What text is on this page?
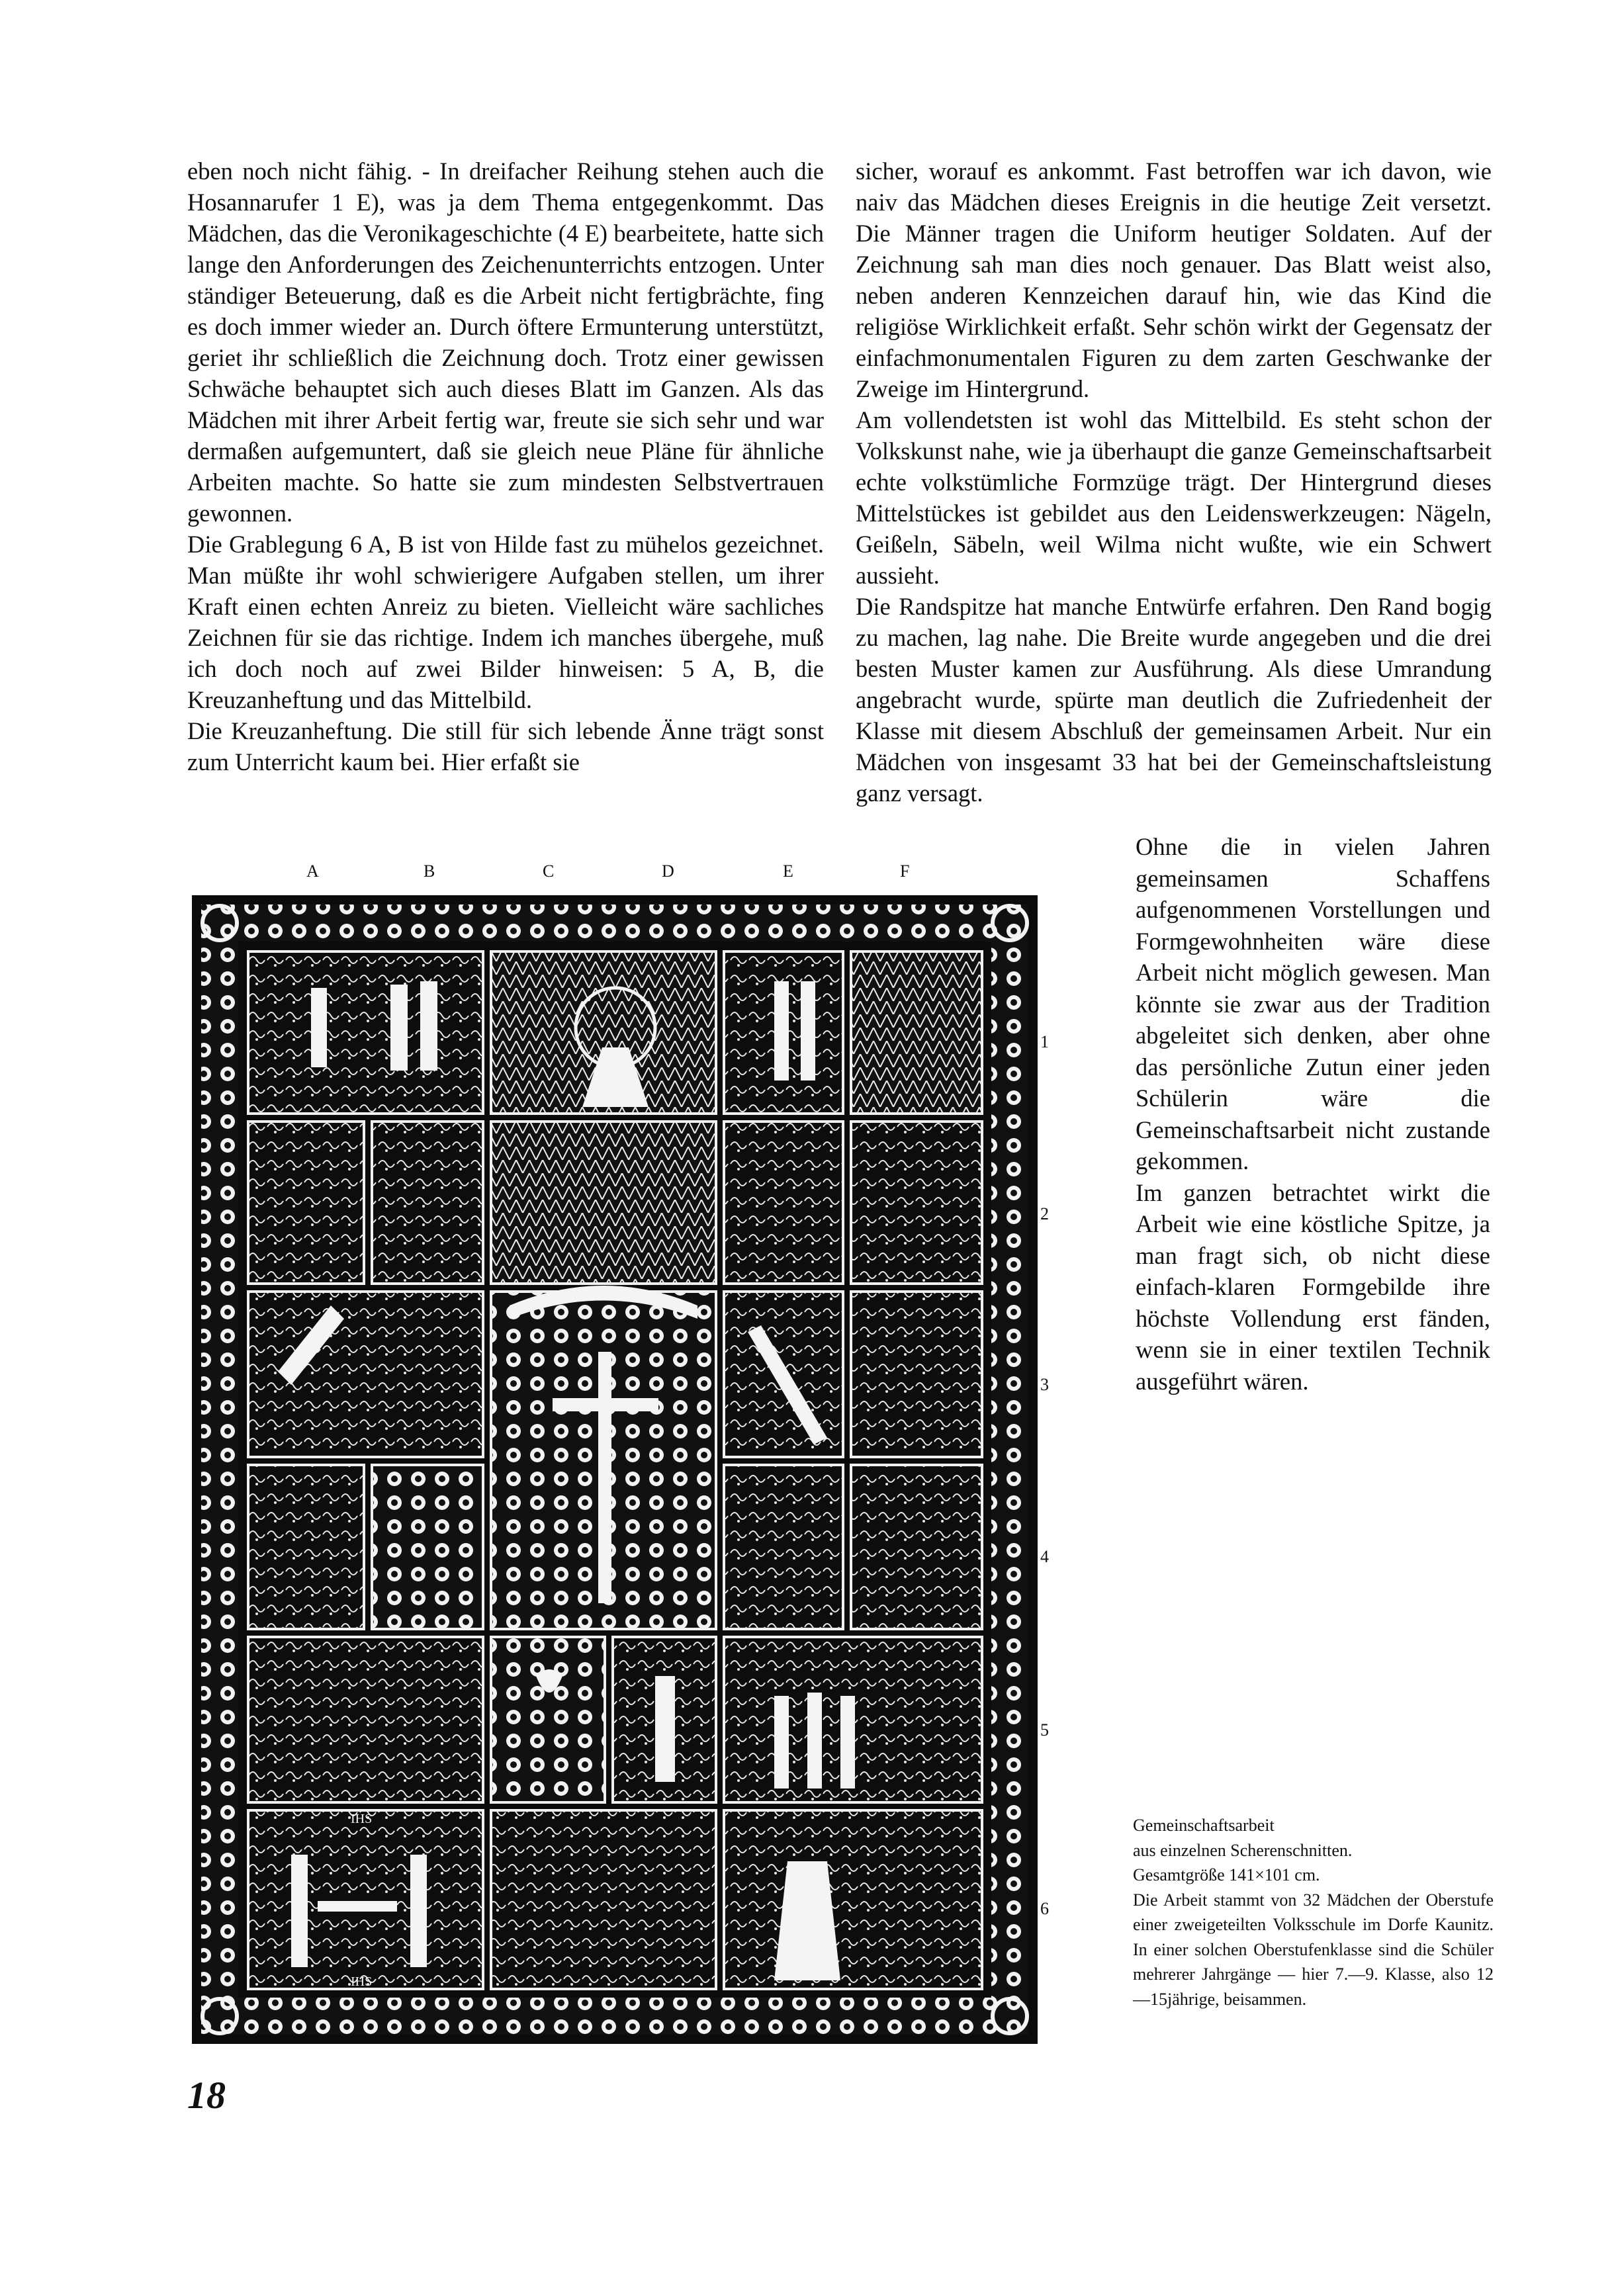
eben noch nicht fähig. - In dreifacher Reihung stehen auch die Hosannarufer 1 E), was ja dem Thema entgegenkommt. Das Mädchen, das die Veronikageschichte (4 E) bearbeitete, hatte sich lange den Anforderungen des Zeichenunterrichts entzogen. Unter ständiger Beteuerung, daß es die Arbeit nicht fertigbrächte, fing es doch immer wieder an. Durch öftere Ermunterung unterstützt, geriet ihr schließlich die Zeichnung doch. Trotz einer gewissen Schwäche behauptet sich auch dieses Blatt im Ganzen. Als das Mädchen mit ihrer Arbeit fertig war, freute sie sich sehr und war dermaßen aufgemuntert, daß sie gleich neue Pläne für ähnliche Arbeiten machte. So hatte sie zum mindesten Selbstvertrauen gewonnen.

Die Grablegung 6 A, B ist von Hilde fast zu mühelos gezeichnet. Man müßte ihr wohl schwierigere Aufgaben stellen, um ihrer Kraft einen echten Anreiz zu bieten. Vielleicht wäre sachliches Zeichnen für sie das richtige. Indem ich manches übergehe, muß ich doch noch auf zwei Bilder hinweisen: 5 A, B, die Kreuzanheftung und das Mittelbild.

Die Kreuzanheftung. Die still für sich lebende Änne trägt sonst zum Unterricht kaum bei. Hier erfaßt sie

sicher, worauf es ankommt. Fast betroffen war ich davon, wie naiv das Mädchen dieses Ereignis in die heutige Zeit versetzt. Die Männer tragen die Uniform heutiger Soldaten. Auf der Zeichnung sah man dies noch genauer. Das Blatt weist also, neben anderen Kennzeichen darauf hin, wie das Kind die religiöse Wirklichkeit erfaßt. Sehr schön wirkt der Gegensatz der einfachmonumentalen Figuren zu dem zarten Geschwanke der Zweige im Hintergrund.

Am vollendetsten ist wohl das Mittelbild. Es steht schon der Volkskunst nahe, wie ja überhaupt die ganze Gemeinschaftsarbeit echte volkstümliche Formzüge trägt. Der Hintergrund dieses Mittelstückes ist gebildet aus den Leidenswerkzeugen: Nägeln, Geißeln, Säbeln, weil Wilma nicht wußte, wie ein Schwert aussieht.

Die Randspitze hat manche Entwürfe erfahren. Den Rand bogig zu machen, lag nahe. Die Breite wurde angegeben und die drei besten Muster kamen zur Ausführung. Als diese Umrandung angebracht wurde, spürte man deutlich die Zufriedenheit der Klasse mit diesem Abschluß der gemeinsamen Arbeit. Nur ein Mädchen von insgesamt 33 hat bei der Gemeinschaftsleistung ganz versagt.

Ohne die in vielen Jahren gemeinsamen Schaffens aufgenommenen Vorstellungen und Formgewohnheiten wäre diese Arbeit nicht möglich gewesen. Man könnte sie zwar aus der Tradition abgeleitet sich denken, aber ohne das persönliche Zutun einer jeden Schülerin wäre die Gemeinschaftsarbeit nicht zustande gekommen.

Im ganzen betrachtet wirkt die Arbeit wie eine köstliche Spitze, ja man fragt sich, ob nicht diese einfach-klaren Formgebilde ihre höchste Vollendung erst fänden, wenn sie in einer textilen Technik ausgeführt wären.

A	B	C	D	E	F
1
2
3
4
5
6
IHS
IHS

Gemeinschaftsarbeit

aus einzelnen Scherenschnitten.

Gesamtgröße 141×101 cm.

Die Arbeit stammt von 32 Mädchen der Oberstufe einer zweigeteilten Volksschule im Dorfe Kaunitz. In einer solchen Oberstufenklasse sind die Schüler mehrerer Jahrgänge — hier 7.—9. Klasse, also 12—15jährige, beisammen.

18
